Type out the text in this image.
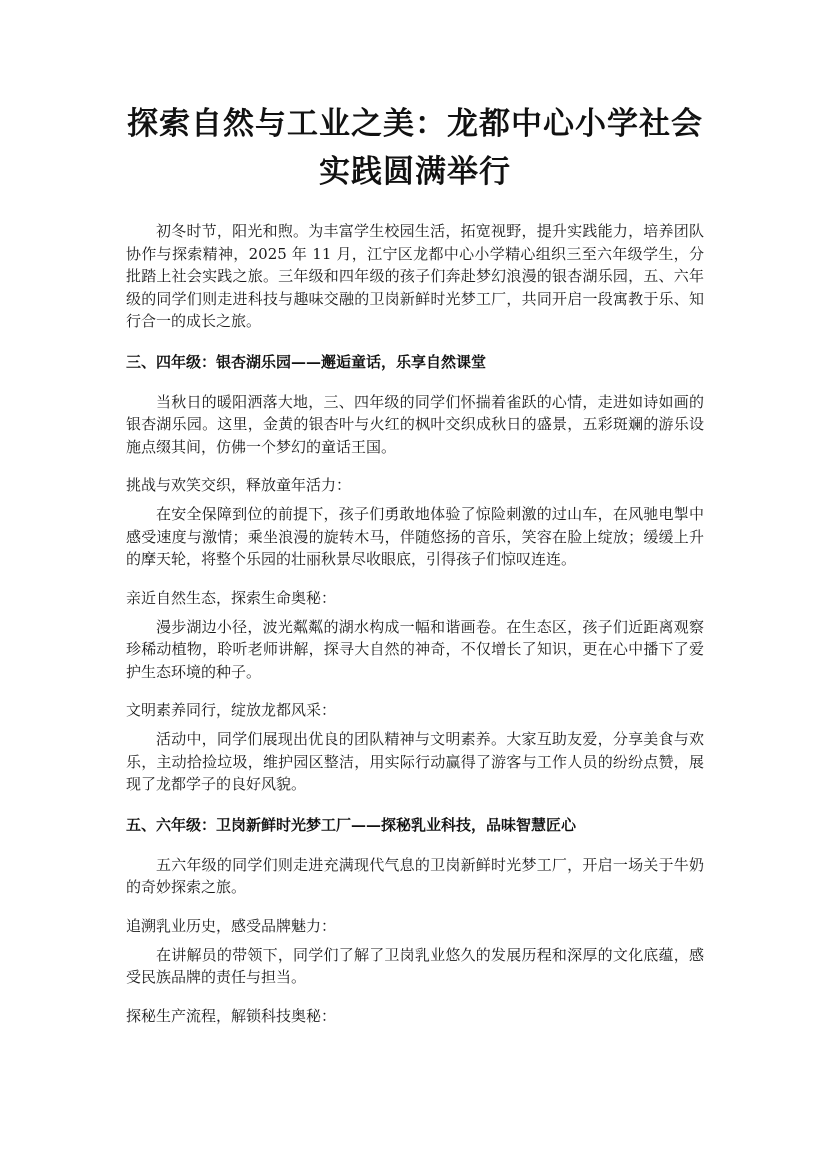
探索自然与工业之美：龙都中心小学社会实践圆满举行

初冬时节，阳光和煦。为丰富学生校园生活，拓宽视野，提升实践能力，培养团队协作与探索精神，2025 年 11 月，江宁区龙都中心小学精心组织三至六年级学生，分批踏上社会实践之旅。三年级和四年级的孩子们奔赴梦幻浪漫的银杏湖乐园，五、六年级的同学们则走进科技与趣味交融的卫岗新鲜时光梦工厂，共同开启一段寓教于乐、知行合一的成长之旅。

三、四年级：银杏湖乐园——邂逅童话，乐享自然课堂

当秋日的暖阳洒落大地，三、四年级的同学们怀揣着雀跃的心情，走进如诗如画的银杏湖乐园。这里，金黄的银杏叶与火红的枫叶交织成秋日的盛景，五彩斑斓的游乐设施点缀其间，仿佛一个梦幻的童话王国。

挑战与欢笑交织，释放童年活力：

在安全保障到位的前提下，孩子们勇敢地体验了惊险刺激的过山车，在风驰电掣中感受速度与激情；乘坐浪漫的旋转木马，伴随悠扬的音乐，笑容在脸上绽放；缓缓上升的摩天轮，将整个乐园的壮丽秋景尽收眼底，引得孩子们惊叹连连。

亲近自然生态，探索生命奥秘：

漫步湖边小径，波光粼粼的湖水构成一幅和谐画卷。在生态区，孩子们近距离观察珍稀动植物，聆听老师讲解，探寻大自然的神奇，不仅增长了知识，更在心中播下了爱护生态环境的种子。

文明素养同行，绽放龙都风采：

活动中，同学们展现出优良的团队精神与文明素养。大家互助友爱，分享美食与欢乐，主动拾捡垃圾，维护园区整洁，用实际行动赢得了游客与工作人员的纷纷点赞，展现了龙都学子的良好风貌。

五、六年级：卫岗新鲜时光梦工厂——探秘乳业科技，品味智慧匠心

五六年级的同学们则走进充满现代气息的卫岗新鲜时光梦工厂，开启一场关于牛奶的奇妙探索之旅。

追溯乳业历史，感受品牌魅力：

在讲解员的带领下，同学们了解了卫岗乳业悠久的发展历程和深厚的文化底蕴，感受民族品牌的责任与担当。

探秘生产流程，解锁科技奥秘：
